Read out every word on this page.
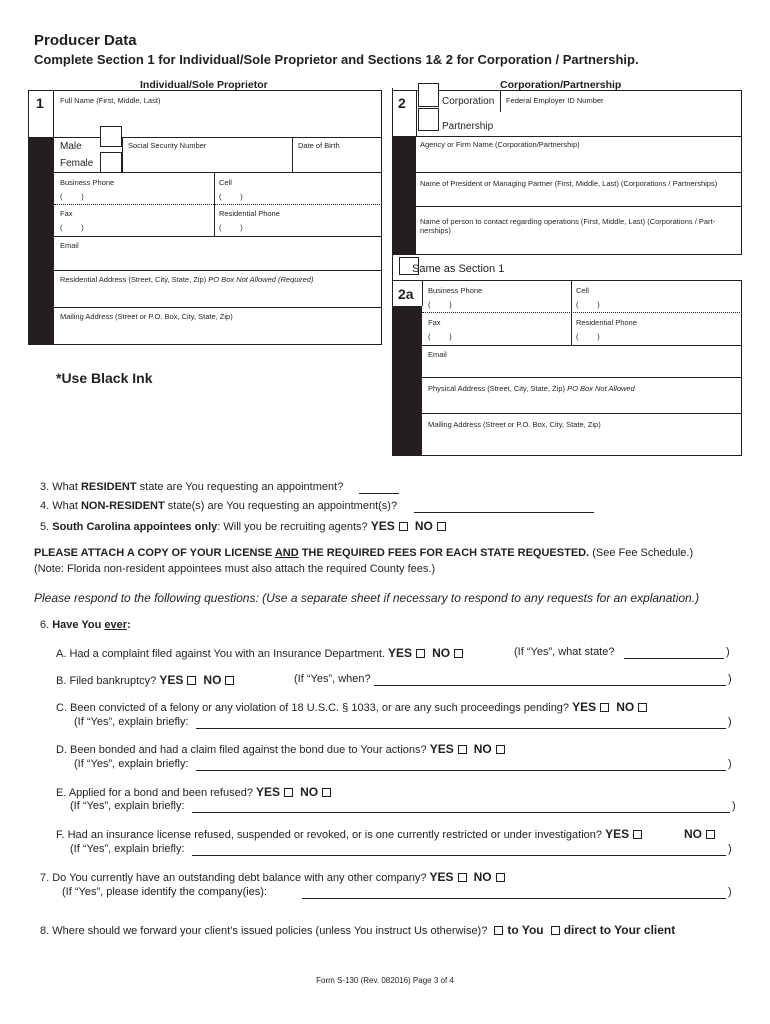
Producer Data
Complete Section 1 for Individual/Sole Proprietor and Sections 1& 2 for Corporation / Partnership.
Individual/Sole Proprietor	Corporation/Partnership
1 Full Name (First, Middle, Last)
Male
Female
Social Security Number	Date of Birth
Business Phone	Cell
(         )	(         )
Fax	Residential Phone
(         )	(         )
Email
Residential Address (Street, City, State, Zip) PO Box Not Allowed (Required)
Mailing Address (Street or P.O. Box, City, State, Zip)
*Use Black Ink
2	Corporation
Partnership
Federal Employer ID Number
Agency or Firm Name (Corporation/Partnership)
Name of President or Managing Partner (First, Middle, Last) (Corporations / Partnerships)
Name of person to contact regarding operations (First, Middle, Last) (Corporations / Part-nerships)
Same as Section 1
2a Business Phone	Cell
(         )	(         )
Fax	Residential Phone
(         )	(         )
Email
Physical Address (Street, City, State, Zip) PO Box Not Allowed
Mailing Address (Street or P.O. Box, City, State, Zip)
3. What RESIDENT state are You requesting an appointment?
4. What NON-RESIDENT state(s) are You requesting an appointment(s)?
5. South Carolina appointees only: Will you be recruiting agents? YES NO
PLEASE ATTACH A COPY OF YOUR LICENSE AND THE REQUIRED FEES FOR EACH STATE REQUESTED. (See Fee Schedule.)
(Note: Florida non-resident appointees must also attach the required County fees.)
Please respond to the following questions: (Use a separate sheet if necessary to respond to any requests for an explanation.)
6. Have You ever:
A. Had a complaint filed against You with an Insurance Department. YES NO	(If “Yes”, what state?	)
B. Filed bankruptcy? YES NO	(If “Yes”, when?	)
C. Been convicted of a felony or any violation of 18 U.S.C. § 1033, or are any such proceedings pending? YES NO
(If “Yes”, explain briefly:	)
D. Been bonded and had a claim filed against the bond due to Your actions? YES NO
(If “Yes”, explain briefly:	)
E. Applied for a bond and been refused? YES NO
(If “Yes”, explain briefly:	)
F. Had an insurance license refused, suspended or revoked, or is one currently restricted or under investigation? YES	NO
(If “Yes”, explain briefly:	)
7. Do You currently have an outstanding debt balance with any other company? YES NO
(If “Yes”, please identify the company(ies):	)
8. Where should we forward your client’s issued policies (unless You instruct Us otherwise)? to You direct to Your client
Form S-130 (Rev. 082016) Page 3 of 4
